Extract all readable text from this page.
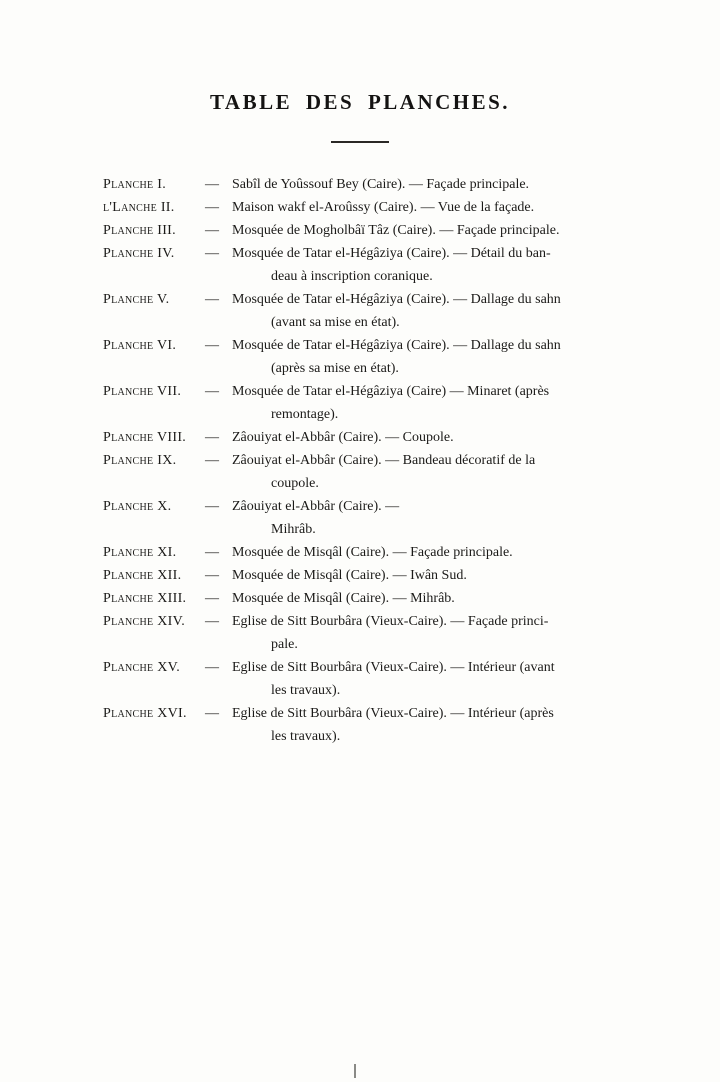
TABLE DES PLANCHES.
Planche I.	— Sabîl de Yoûssouf Bey (Caire). — Façade principale.
l'Lanche II.	— Maison wakf el-Aroûssy (Caire). — Vue de la façade.
Planche III.	— Mosquée de Mogholbâï Tâz (Caire). — Façade principale.
Planche IV.	— Mosquée de Tatar el-Hégâziya (Caire). — Détail du ban-
deau à inscription coranique.
Planche V.	— Mosquée de Tatar el-Hégâziya (Caire). — Dallage du sahn
(avant sa mise en état).
Planche VI.	— Mosquée de Tatar el-Hégâziya (Caire). — Dallage du sahn
(après sa mise en état).
Planche VII.	— Mosquée de Tatar el-Hégâziya (Caire) — Minaret (après
remontage).
Planche VIII.	— Zâouiyat el-Abbâr (Caire). — Coupole.
Planche IX.	— Zâouiyat el-Abbâr (Caire). — Bandeau décoratif de la
coupole.
Planche X.	— Zâouiyat el-Abbâr (Caire). —
Mihrâb.
Planche XI.	— Mosquée de Misqâl (Caire). — Façade principale.
Planche XII.	— Mosquée de Misqâl (Caire). — Iwân Sud.
Planche XIII.	— Mosquée de Misqâl (Caire). — Mihrâb.
Planche XIV.	— Eglise de Sitt Bourbâra (Vieux-Caire). — Façade princi-
pale.
Planche XV.	— Eglise de Sitt Bourbâra (Vieux-Caire). — Intérieur (avant
les travaux).
Planche XVI.	— Eglise de Sitt Bourbâra (Vieux-Caire). — Intérieur (après
les travaux).
